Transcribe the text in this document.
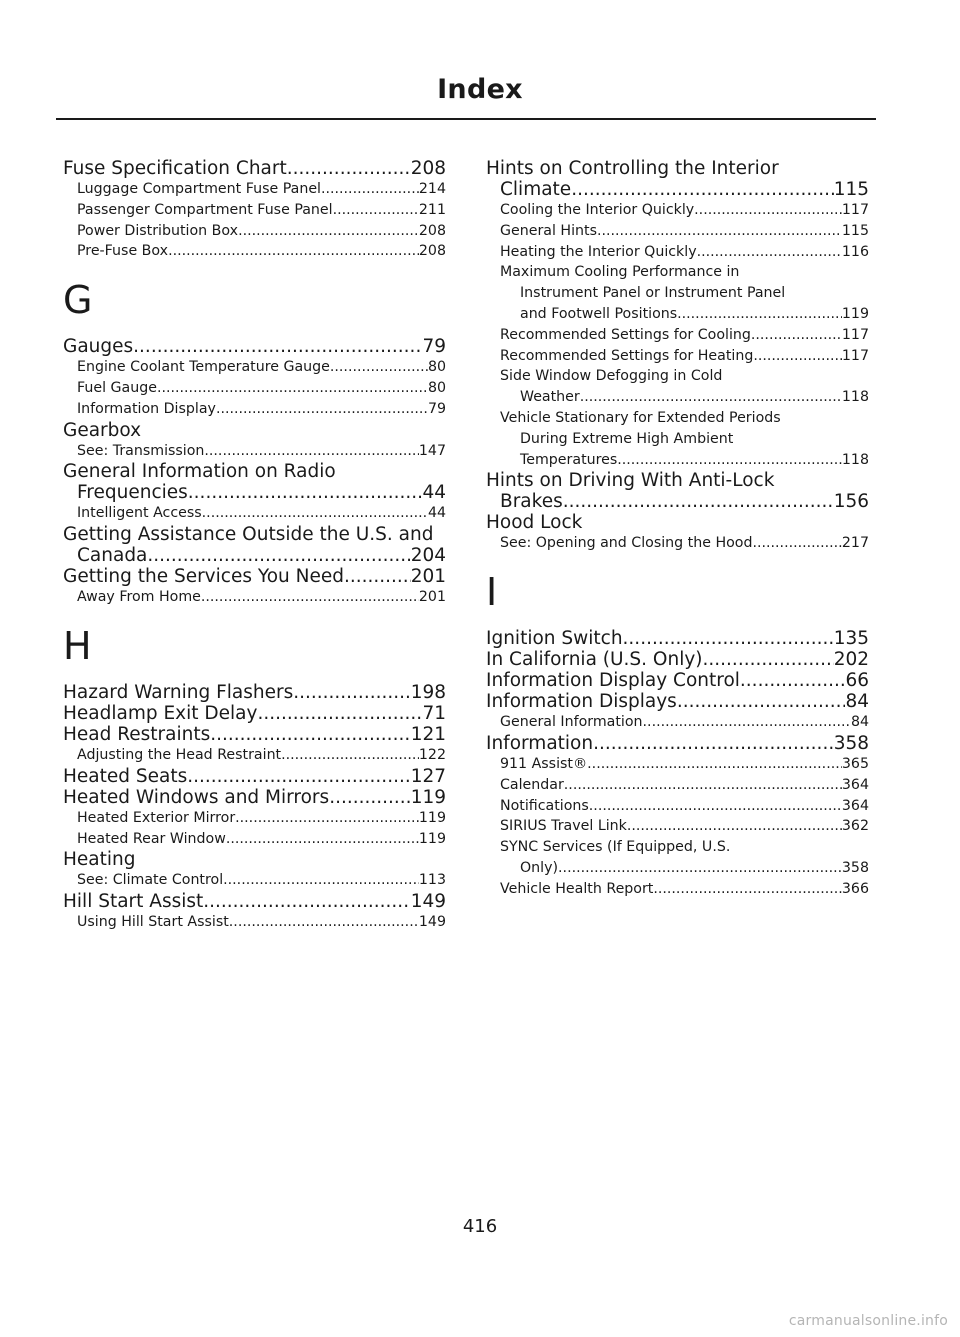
Index
Fuse Specification Chart .....	208
Luggage Compartment Fuse Panel .....	214
Passenger Compartment Fuse Panel .....	211
Power Distribution Box .....	208
Pre-Fuse Box .....	208
G
Gauges .....	79
Engine Coolant Temperature Gauge .....	80
Fuel Gauge .....	80
Information Display .....	79
Gearbox
See: Transmission .....	147
General Information on Radio
Frequencies .....	44
Intelligent Access .....	44
Getting Assistance Outside the U.S. and
Canada .....	204
Getting the Services You Need .....	201
Away From Home .....	201
H
Hazard Warning Flashers .....	198
Headlamp Exit Delay .....	71
Head Restraints .....	121
Adjusting the Head Restraint .....	122
Heated Seats .....	127
Heated Windows and Mirrors .....	119
Heated Exterior Mirror .....	119
Heated Rear Window .....	119
Heating
See: Climate Control .....	113
Hill Start Assist .....	149
Using Hill Start Assist .....	149
Hints on Controlling the Interior
Climate .....	115
Cooling the Interior Quickly .....	117
General Hints .....	115
Heating the Interior Quickly .....	116
Maximum Cooling Performance in
Instrument Panel or Instrument Panel
and Footwell Positions .....	119
Recommended Settings for Cooling .....	117
Recommended Settings for Heating .....	117
Side Window Defogging in Cold
Weather .....	118
Vehicle Stationary for Extended Periods
During Extreme High Ambient
Temperatures .....	118
Hints on Driving With Anti-Lock
Brakes .....	156
Hood Lock
See: Opening and Closing the Hood .....	217
I
Ignition Switch .....	135
In California (U.S. Only) .....	202
Information Display Control .....	66
Information Displays .....	84
General Information .....	84
Information .....	358
911 Assist® .....	365
Calendar .....	364
Notifications .....	364
SIRIUS Travel Link .....	362
SYNC Services (If Equipped, U.S.
Only) .....	358
Vehicle Health Report .....	366
416
carmanualsonline.info
